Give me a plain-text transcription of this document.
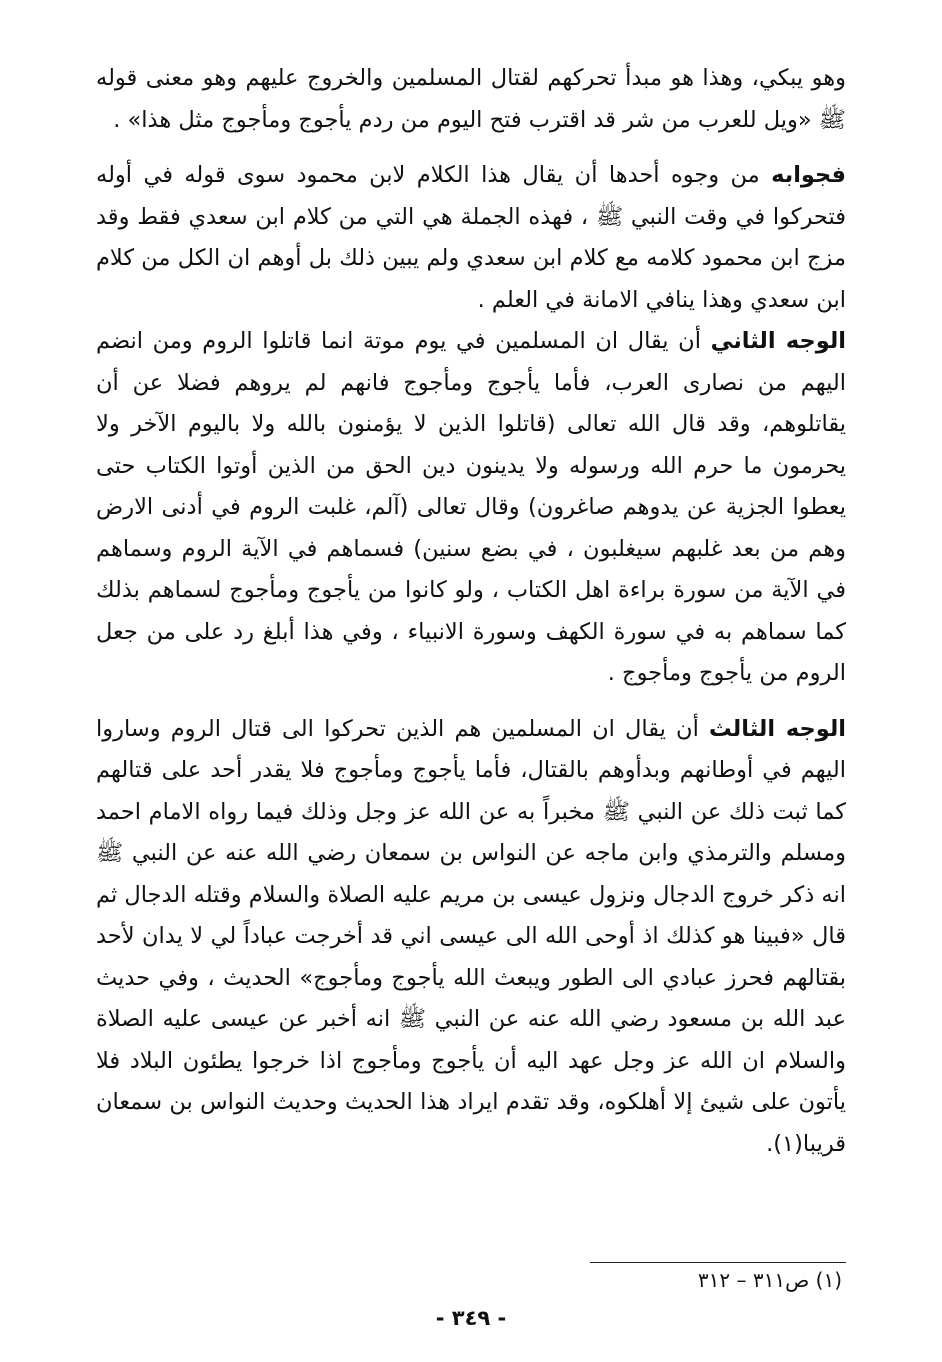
وهو يبكي، وهذا هو مبدأ تحركهم لقتال المسلمين والخروج عليهم وهو معنى قوله ﷺ «ويل للعرب من شر قد اقترب فتح اليوم من ردم يأجوج ومأجوج مثل هذا» .

فجوابه من وجوه أحدها أن يقال هذا الكلام لابن محمود سوى قوله في أوله فتحركوا في وقت النبي ﷺ ، فهذه الجملة هي التي من كلام ابن سعدي فقط وقد مزج ابن محمود كلامه مع كلام ابن سعدي ولم يبين ذلك بل أوهم ان الكل من كلام ابن سعدي وهذا ينافي الامانة في العلم .

الوجه الثاني أن يقال ان المسلمين في يوم موتة انما قاتلوا الروم ومن انضم اليهم من نصارى العرب، فأما يأجوج ومأجوج فانهم لم يروهم فضلا عن أن يقاتلوهم، وقد قال الله تعالى (قاتلوا الذين لا يؤمنون بالله ولا باليوم الآخر ولا يحرمون ما حرم الله ورسوله ولا يدينون دين الحق من الذين أوتوا الكتاب حتى يعطوا الجزية عن يدوهم صاغرون) وقال تعالى (آلم، غلبت الروم في أدنى الارض وهم من بعد غلبهم سيغلبون ، في بضع سنين) فسماهم في الآية الروم وسماهم في الآية من سورة براءة اهل الكتاب ، ولو كانوا من يأجوج ومأجوج لسماهم بذلك كما سماهم به في سورة الكهف وسورة الانبياء ، وفي هذا أبلغ رد على من جعل الروم من يأجوج ومأجوج .

الوجه الثالث أن يقال ان المسلمين هم الذين تحركوا الى قتال الروم وساروا اليهم في أوطانهم وبدأوهم بالقتال، فأما يأجوج ومأجوج فلا يقدر أحد على قتالهم كما ثبت ذلك عن النبي ﷺ مخبراً به عن الله عز وجل وذلك فيما رواه الامام احمد ومسلم والترمذي وابن ماجه عن النواس بن سمعان رضي الله عنه عن النبي ﷺ انه ذكر خروج الدجال ونزول عيسى بن مريم عليه الصلاة والسلام وقتله الدجال ثم قال «فبينا هو كذلك اذ أوحى الله الى عيسى اني قد أخرجت عباداً لي لا يدان لأحد بقتالهم فحرز عبادي الى الطور ويبعث الله يأجوج ومأجوج» الحديث ، وفي حديث عبد الله بن مسعود رضي الله عنه عن النبي ﷺ انه أخبر عن عيسى عليه الصلاة والسلام ان الله عز وجل عهد اليه أن يأجوج ومأجوج اذا خرجوا يطئون البلاد فلا يأتون على شيئ إلا أهلكوه، وقد تقدم ايراد هذا الحديث وحديث النواس بن سمعان قريبا(١).

(١) ص٣١١ – ٣١٢
- ٣٤٩ -
